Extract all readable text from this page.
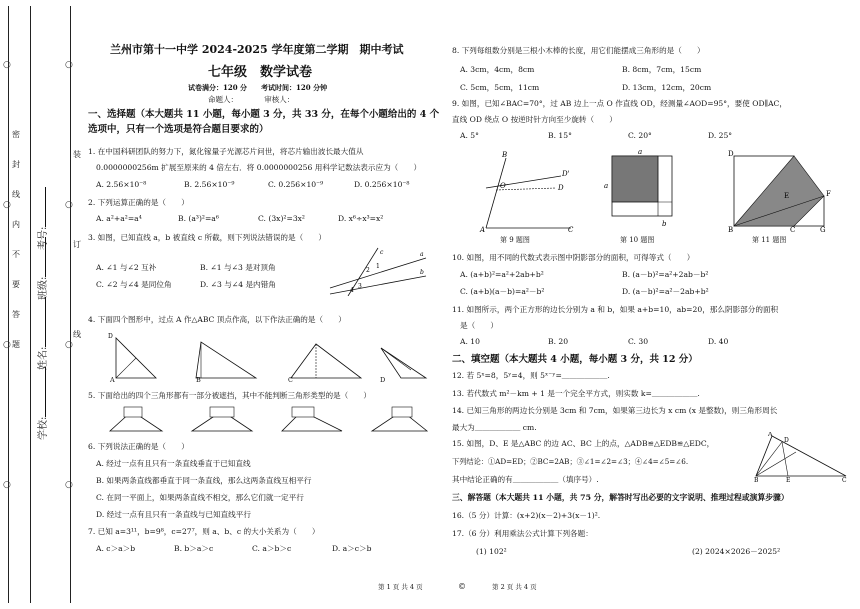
○
○
○
○
○
○
○
○
学校:
姓名:
班级:
考号:
密
封
线
内
不
要
答
题
装
订
线
兰州市第十一中学 2024-2025 学年度第二学期　期中考试
七年级　数学试卷
试卷满分：120 分　　考试时间：120 分钟
命题人：　　　　审核人：
一、选择题（本大题共 11 小题，每小题 3 分，共 33 分，在每个小题给出的 4 个
选项中，只有一个选项是符合题目要求的）
1. 在中国科研团队的努力下，氮化镓量子光源芯片问世，将芯片输出波长最大值从
0.0000000256m 扩展至原来的 4 倍左右．将 0.0000000256 用科学记数法表示应为（　　）
A. 2.56×10⁻⁸	B. 2.56×10⁻⁹	C. 0.256×10⁻⁹	D. 0.256×10⁻⁸
2. 下列运算正确的是（　　）
A. a²+a²=a⁴	B. (a³)²=a⁶	C. (3x)²=3x²	D. x⁶÷x³=x²
3. 如图，已知直线 a，b 被直线 c 所截，则下列说法错误的是（　　）
1
2
3
4
c	a
b
A. ∠1 与∠2 互补	B. ∠1 与∠3 是对顶角
C. ∠2 与∠4 是同位角	D. ∠3 与∠4 是内错角
4. 下面四个图形中，过点 A 作△ABC 顶点作高，以下作法正确的是（　　）
D
A	B	C	D
5. 下面给出的四个三角形都有一部分被遮挡，其中不能判断三角形类型的是（　　）
6. 下列说法正确的是（　　）
A. 经过一点有且只有一条直线垂直于已知直线
B. 如果两条直线都垂直于同一条直线，那么这两条直线互相平行
C. 在同一平面上，如果两条直线不相交，那么它们就一定平行
D. 经过一点有且只有一条直线与已知直线平行
7. 已知 a=3¹¹，b=9⁸，c=27⁷，则 a、b、c 的大小关系为（　　）
A. c＞a＞b	B. b＞a＞c	C. a＞b＞c	D. a＞c＞b
第 1 页 共 4 页	©
8. 下列每组数分别是三根小木棒的长度，用它们能摆成三角形的是（　　）
A. 3cm，4cm，8cm	B. 8cm，7cm，15cm
C. 5cm，5cm，11cm	D. 13cm，12cm，20cm
9. 如图，已知∠BAC=70°，过 AB 边上一点 O 作直线 OD，经测量∠AOD=95°，要使 OD∥AC，
直线 OD 绕点 O 按逆时针方向至少旋转（　　）
A. 5°	B. 15°	C. 20°	D. 25°
A
B
C
O
D'
D
a
a
b
D
B	C	G
F
E
第 9 题图	第 10 题图	第 11 题图
10. 如图，用不同的代数式表示图中阴影部分的面积，可得等式（　　）
A. (a+b)²=a²+2ab+b²	B. (a－b)²=a²+2ab－b²
C. (a+b)(a－b)=a²－b²	D. (a－b)²=a²－2ab+b²
11. 如图所示，两个正方形的边长分别为 a 和 b，如果 a+b=10，ab=20，那么阴影部分的面积
是（　　）
A. 10	B. 20	C. 30	D. 40
二、填空题（本大题共 4 小题，每小题 3 分，共 12 分）
12. 若 5ˣ=8，5ʸ=4，则 5ˣ⁻ʸ=＿＿＿＿＿＿.
13. 若代数式 m²－km + 1 是一个完全平方式，则实数 k=＿＿＿＿＿＿.
14. 已知三角形的两边长分别是 3cm 和 7cm，如果第三边长为 x cm (x 是整数)，则三角形周长
最大为＿＿＿＿＿＿ cm.
15. 如图，D、E 是△ABC 的边 AC、BC 上的点，△ADB≌△EDB≌△EDC，
下列结论：①AD=ED；②BC=2AB；③∠1=∠2=∠3；④∠4=∠5=∠6.
其中结论正确的有＿＿＿＿＿＿（填序号）.
A
D
B	E	C
三、解答题（本大题共 11 小题，共 75 分，解答时写出必要的文字说明、推理过程或演算步骤）
16.（5 分）计算：(x+2)(x－2)+3(x－1)².
17.（6 分）利用乘法公式计算下列各题：
(1) 102²	(2) 2024×2026－2025²
第 2 页 共 4 页
